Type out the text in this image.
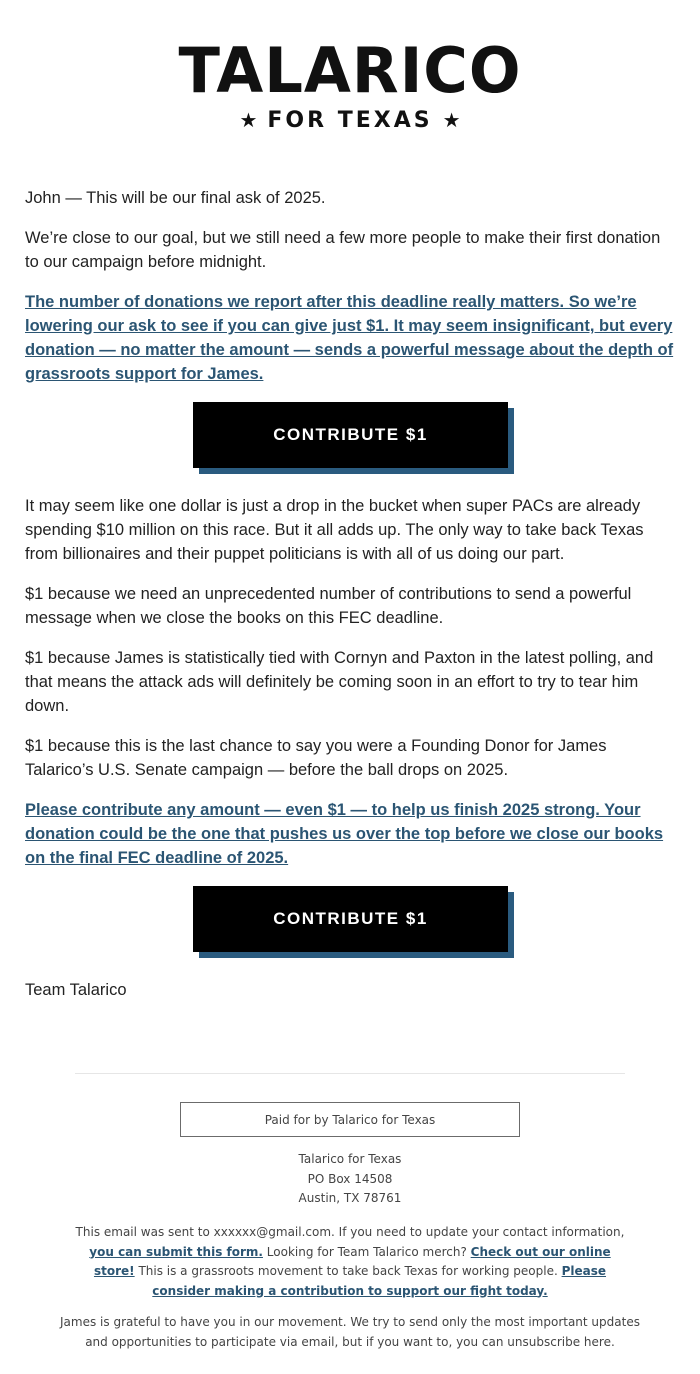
TALARICO
★ FOR TEXAS ★

John — This will be our final ask of 2025.

We’re close to our goal, but we still need a few more people to make their first donation to our campaign before midnight.

The number of donations we report after this deadline really matters. So we’re lowering our ask to see if you can give just $1. It may seem insignificant, but every donation — no matter the amount — sends a powerful message about the depth of grassroots support for James.

CONTRIBUTE $1

It may seem like one dollar is just a drop in the bucket when super PACs are already spending $10 million on this race. But it all adds up. The only way to take back Texas from billionaires and their puppet politicians is with all of us doing our part.

$1 because we need an unprecedented number of contributions to send a powerful message when we close the books on this FEC deadline.

$1 because James is statistically tied with Cornyn and Paxton in the latest polling, and that means the attack ads will definitely be coming soon in an effort to try to tear him down.

$1 because this is the last chance to say you were a Founding Donor for James Talarico’s U.S. Senate campaign — before the ball drops on 2025.

Please contribute any amount — even $1 — to help us finish 2025 strong. Your donation could be the one that pushes us over the top before we close our books on the final FEC deadline of 2025.

CONTRIBUTE $1

Team Talarico

Paid for by Talarico for Texas
Talarico for Texas
PO Box 14508
Austin, TX 78761
This email was sent to xxxxxx@gmail.com. If you need to update your contact information, you can submit this form. Looking for Team Talarico merch? Check out our online store! This is a grassroots movement to take back Texas for working people. Please consider making a contribution to support our fight today.
James is grateful to have you in our movement. We try to send only the most important updates and opportunities to participate via email, but if you want to, you can unsubscribe here.
